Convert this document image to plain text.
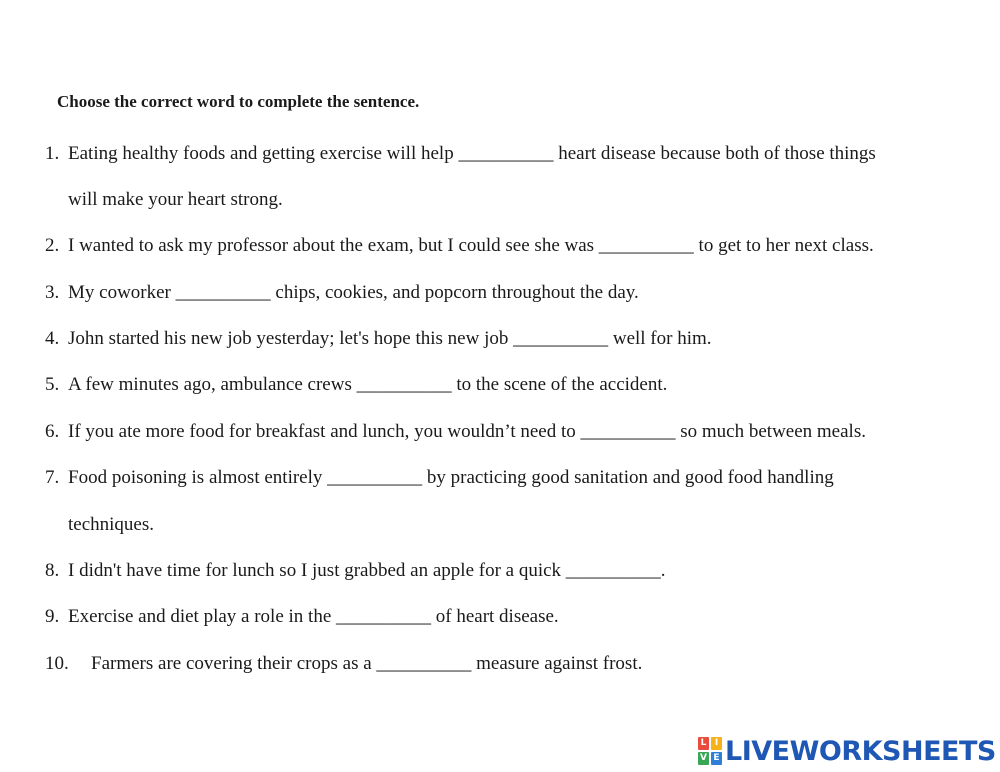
Choose the correct word to complete the sentence.
1. Eating healthy foods and getting exercise will help __________ heart disease because both of those things
will make your heart strong.
2. I wanted to ask my professor about the exam, but I could see she was __________ to get to her next class.
3. My coworker __________ chips, cookies, and popcorn throughout the day.
4. John started his new job yesterday; let's hope this new job __________ well for him.
5. A few minutes ago, ambulance crews __________ to the scene of the accident.
6. If you ate more food for breakfast and lunch, you wouldn’t need to __________ so much between meals.
7. Food poisoning is almost entirely __________ by practicing good sanitation and good food handling
techniques.
8. I didn't have time for lunch so I just grabbed an apple for a quick __________.
9. Exercise and diet play a role in the __________ of heart disease.
10. Farmers are covering their crops as a __________ measure against frost.
L I
V E LIVEWORKSHEETS
